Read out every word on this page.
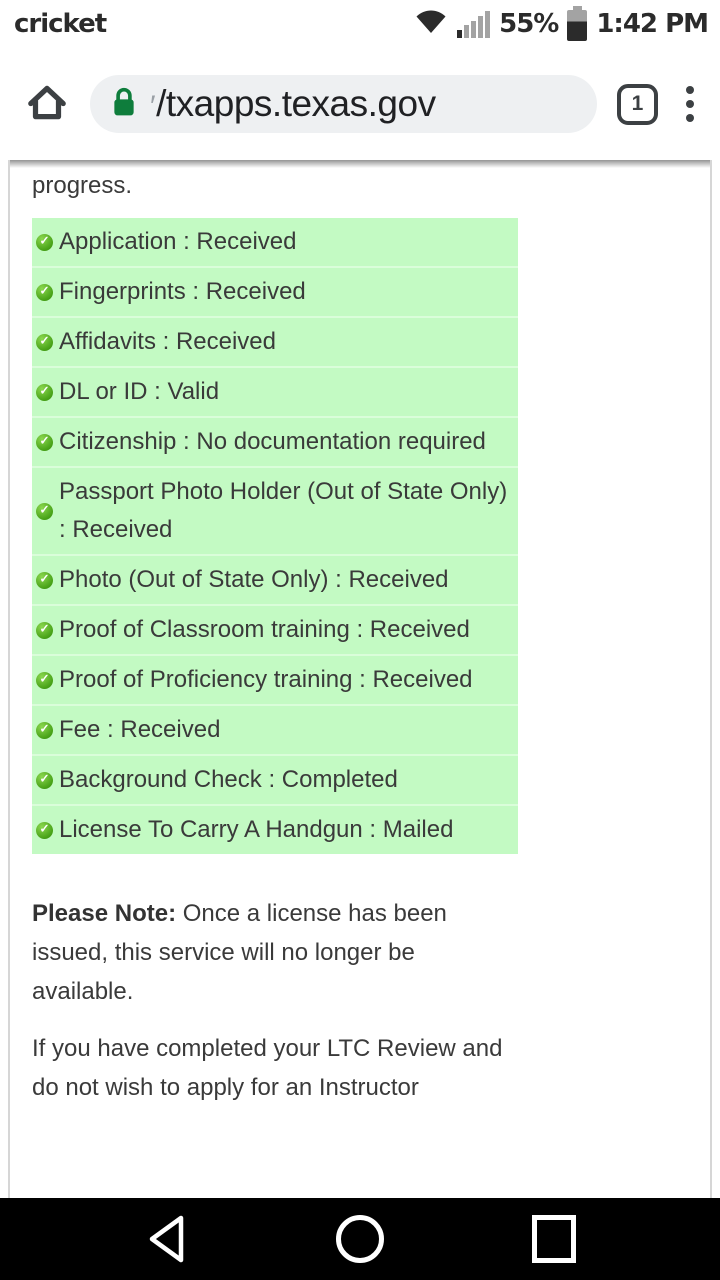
cricket	55% 1:42 PM
′/txapps.texas.gov	1

progress.

✓
Application : Received
✓
Fingerprints : Received
✓
Affidavits : Received
✓
DL or ID : Valid
✓
Citizenship : No documentation required
✓
Passport Photo Holder (Out of State Only) : Received
✓
Photo (Out of State Only) : Received
✓
Proof of Classroom training : Received
✓
Proof of Proficiency training : Received
✓
Fee : Received
✓
Background Check : Completed
✓
License To Carry A Handgun : Mailed

Please Note: Once a license has been issued, this service will no longer be available.

If you have completed your LTC Review and do not wish to apply for an Instructor
